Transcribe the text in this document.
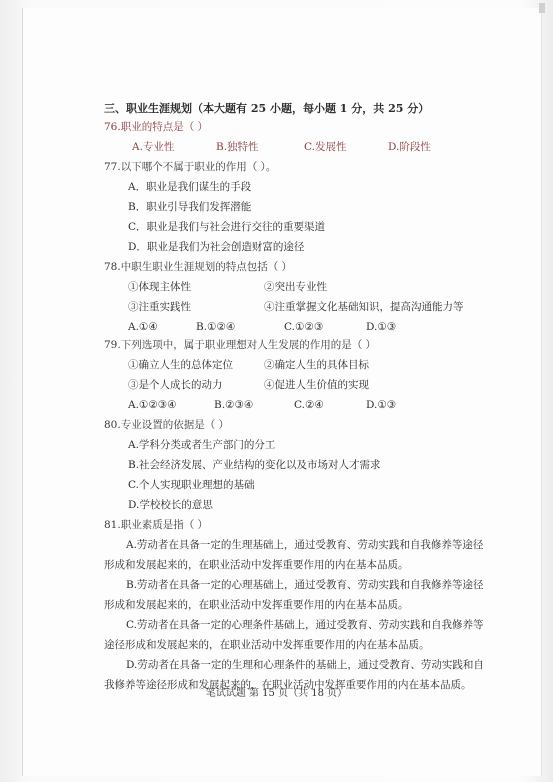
三、职业生涯规划（本大题有 25 小题，每小题 1 分，共 25 分）
76.职业的特点是（ ）
A.专业性	B.独特性	C.发展性	D.阶段性
77.以下哪个不属于职业的作用（ ）。
A．职业是我们谋生的手段
B．职业引导我们发挥潜能
C．职业是我们与社会进行交往的重要渠道
D．职业是我们为社会创造财富的途径
78.中职生职业生涯规划的特点包括（ ）
①体现主体性	②突出专业性
③注重实践性	④注重掌握文化基础知识，提高沟通能力等
A.①④	B.①②④	C.①②③	D.①③
79.下列选项中，属于职业理想对人生发展的作用的是（ ）
①确立人生的总体定位	②确定人生的具体目标
③是个人成长的动力	④促进人生价值的实现
A.①②③④	B.②③④	C.②④	D.①③
80.专业设置的依据是（ ）
A.学科分类或者生产部门的分工
B.社会经济发展、产业结构的变化以及市场对人才需求
C.个人实现职业理想的基础
D.学校校长的意思
81.职业素质是指（ ）
A.劳动者在具备一定的生理基础上，通过受教育、劳动实践和自我修养等途径
形成和发展起来的，在职业活动中发挥重要作用的内在基本品质。
B.劳动者在具备一定的心理基础上，通过受教育、劳动实践和自我修养等途径
形成和发展起来的，在职业活动中发挥重要作用的内在基本品质。
C.劳动者在具备一定的心理条件基础上，通过受教育、劳动实践和自我修养等
途径形成和发展起来的，在职业活动中发挥重要作用的内在基本品质。
D.劳动者在具备一定的生理和心理条件的基础上，通过受教育、劳动实践和自
我修养等途径形成和发展起来的，在职业活动中发挥重要作用的内在基本品质。
笔试试题 第 15 页（共 18 页）
